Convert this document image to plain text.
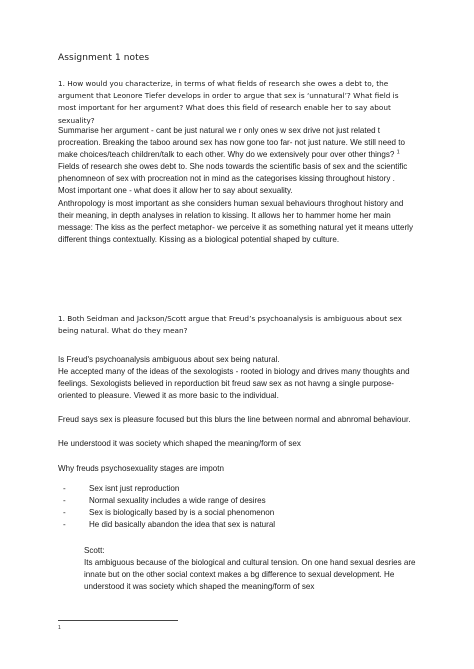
Assignment 1 notes

1. How would you characterize, in terms of what fields of research she owes a debt to, the argument that Leonore Tiefer develops in order to argue that sex is ‘unnatural’? What field is most important for her argument? What does this field of research enable her to say about sexuality?

Summarise her argument - cant be just natural we r only ones w sex drive not just related t procreation. Breaking the taboo around sex has now gone too far- not just nature. We still need to make choices/teach children/talk to each other. Why do we extensively pour over other things? $^1$

Fields of research she owes debt to. She nods towards the scientific basis of sex and the scientific phenomneon of sex with procreation not in mind as the categorises kissing throughout history .

Most important one - what does it allow her to say about sexuality.

Anthropology is most important as she considers human sexual behaviours throghout history and their meaning, in depth analyses in relation to kissing. It allows her to hammer home her main message: The kiss as the perfect metaphor- we perceive it as something natural yet it means utterly different things contextually. Kissing as a biological potential shaped by culture.

1. Both Seidman and Jackson/Scott argue that Freud’s psychoanalysis is ambiguous about sex being natural. What do they mean?

Is Freud's psychoanalysis ambiguous about sex being natural.

He accepted many of the ideas of the sexologists - rooted in biology and drives many thoughts and feelings. Sexologists believed in reporduction bit freud saw sex as not havng a single purpose- oriented to pleasure. Viewed it as more basic to the individual.

Freud says sex is pleasure focused but this blurs the line between normal and abnromal behaviour.

He understood it was society which shaped the meaning/form of sex

Why freuds psychosexuality stages are impotn

-	Sex isnt just reproduction
-	Normal sexuality includes a wide range of desires
-	Sex is biologically based by is a social phenomenon
-	He did basically abandon the idea that sex is natural

Scott:

Its ambiguous because of the biological and cultural tension. On one hand sexual desries are innate but on the other social context makes a bg difference to sexual development. He understood it was society which shaped the meaning/form of sex

1
